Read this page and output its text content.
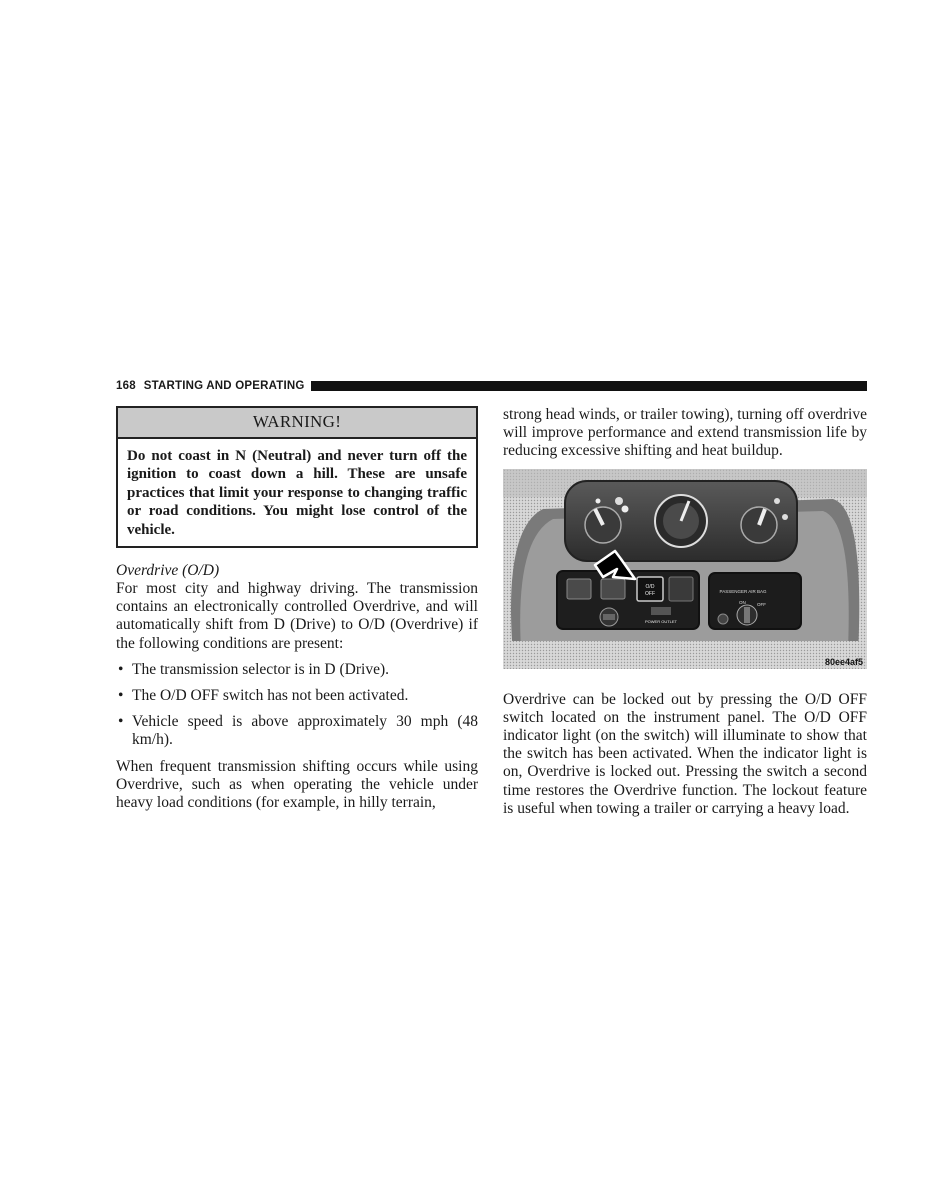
168 STARTING AND OPERATING
WARNING!
Do not coast in N (Neutral) and never turn off the ignition to coast down a hill. These are unsafe practices that limit your response to changing traffic or road conditions. You might lose control of the vehicle.
Overdrive (O/D)

For most city and highway driving. The transmission contains an electronically controlled Overdrive, and will automatically shift from D (Drive) to O/D (Overdrive) if the following conditions are present:

• The transmission selector is in D (Drive).
• The O/D OFF switch has not been activated.
• Vehicle speed is above approximately 30 mph (48 km/h).

When frequent transmission shifting occurs while using Overdrive, such as when operating the vehicle under heavy load conditions (for example, in hilly terrain,

strong head winds, or trailer towing), turning off overdrive will improve performance and extend transmission life by reducing excessive shifting and heat buildup.

O/D
OFF
POWER OUTLET
PASSENGER AIR BAG
ON	OFF
80ee4af5

Overdrive can be locked out by pressing the O/D OFF switch located on the instrument panel. The O/D OFF indicator light (on the switch) will illuminate to show that the switch has been activated. When the indicator light is on, Overdrive is locked out. Pressing the switch a second time restores the Overdrive function. The lockout feature is useful when towing a trailer or carrying a heavy load.
